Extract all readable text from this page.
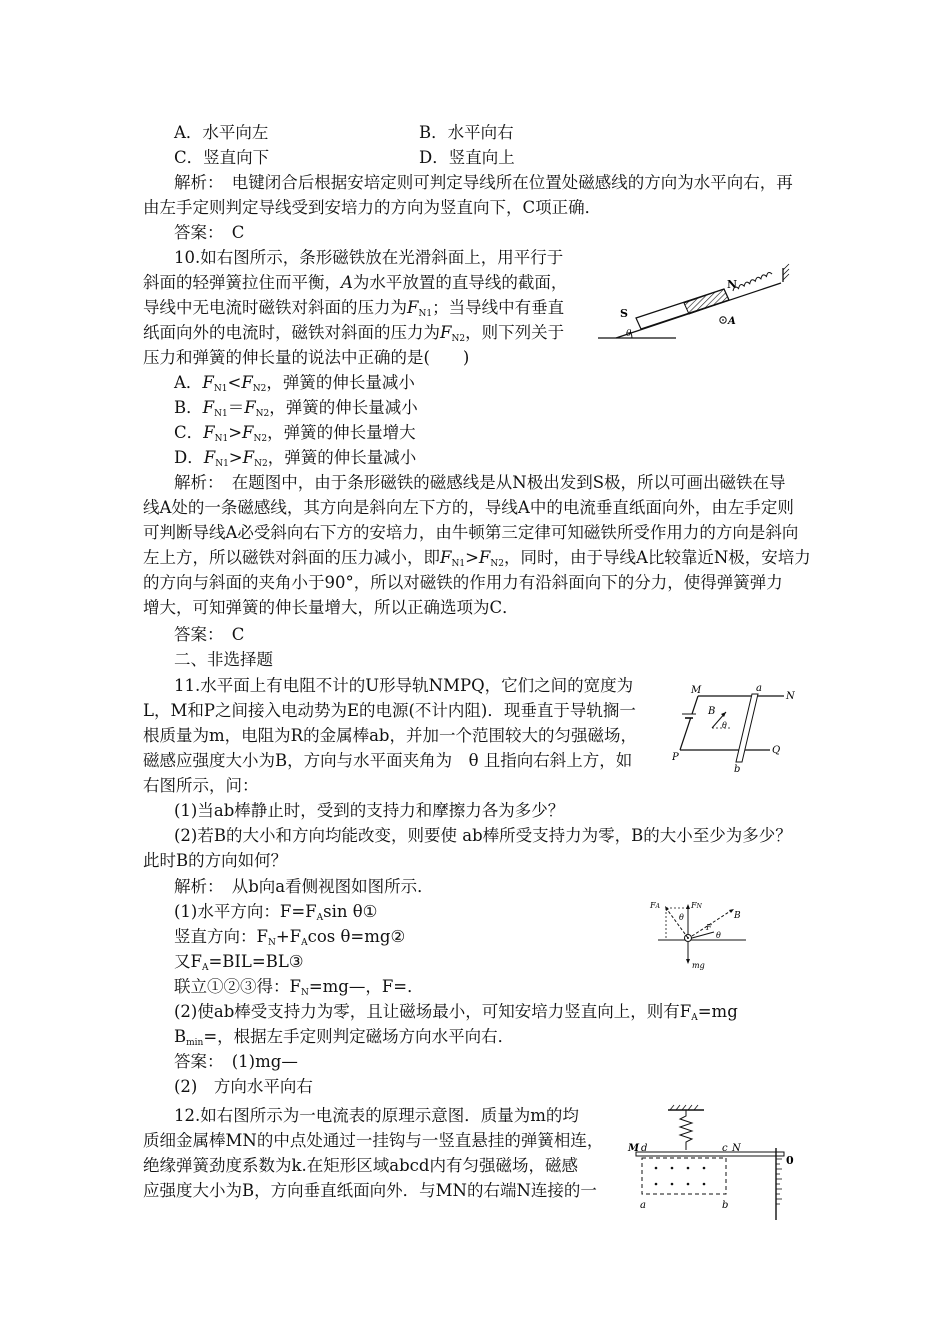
A．水平向左	B．水平向右
C．竖直向下	D．竖直向上
解析：　电键闭合后根据安培定则可判定导线所在位置处磁感线的方向为水平向右，再
由左手定则判定导线受到安培力的方向为竖直向下，C项正确．
答案：　C
10.如右图所示，条形磁铁放在光滑斜面上，用平行于
斜面的轻弹簧拉住而平衡，A为水平放置的直导线的截面，
导线中无电流时磁铁对斜面的压力为$F_{N1}$；当导线中有垂直
纸面向外的电流时，磁铁对斜面的压力为$F_{N2}$，则下列关于
压力和弹簧的伸长量的说法中正确的是(　　)
A．$F_{N1}<F_{N2}$，弹簧的伸长量减小
B．$F_{N1}=F_{N2}$，弹簧的伸长量减小
C．$F_{N1}>F_{N2}$，弹簧的伸长量增大
D．$F_{N1}>F_{N2}$，弹簧的伸长量减小
解析：　在题图中，由于条形磁铁的磁感线是从N极出发到S极，所以可画出磁铁在导
线A处的一条磁感线，其方向是斜向左下方的，导线A中的电流垂直纸面向外，由左手定则
可判断导线A必受斜向右下方的安培力，由牛顿第三定律可知磁铁所受作用力的方向是斜向
左上方，所以磁铁对斜面的压力减小，即$F_{N1}>F_{N2}$，同时，由于导线A比较靠近N极，安培力
的方向与斜面的夹角小于90°，所以对磁铁的作用力有沿斜面向下的分力，使得弹簧弹力
增大，可知弹簧的伸长量增大，所以正确选项为C．
答案：　C
θ
S
N
A
二、非选择题
11.水平面上有电阻不计的U形导轨NMPQ，它们之间的宽度为
L，M和P之间接入电动势为E的电源(不计内阻)．现垂直于导轨搁一
根质量为m，电阻为R的金属棒ab，并加一个范围较大的匀强磁场，
磁感应强度大小为B，方向与水平面夹角为　θ 且指向右斜上方，如
右图所示，问：
(1)当ab棒静止时，受到的支持力和摩擦力各为多少？
(2)若B的大小和方向均能改变，则要使 ab棒所受支持力为零，B的大小至少为多少？
此时B的方向如何？
解析：　从b向a看侧视图如图所示．
(1)水平方向：$F=F_A\sin$ θ①
竖直方向：$F_N+F_A\cos$ θ=mg②
又$F_A=BIL=BL③$
联立①②③得：$F_N=mg—$，F=．
(2)使ab棒受支持力为零，且让磁场最小，可知安培力竖直向上，则有$F_A=mg$
$B_{min}=$，根据左手定则判定磁场方向水平向右．
答案：　(1)mg—
(2)　方向水平向右
M	a
N
B
θ
Q
P
b
FA	FN
θ	B
F
θ
mg
12.如右图所示为一电流表的原理示意图．质量为m的均
质细金属棒MN的中点处通过一挂钩与一竖直悬挂的弹簧相连，
绝缘弹簧劲度系数为k.在矩形区域abcd内有匀强磁场，磁感
应强度大小为B，方向垂直纸面向外．与MN的右端N连接的一
M d	c N
0
a	b
